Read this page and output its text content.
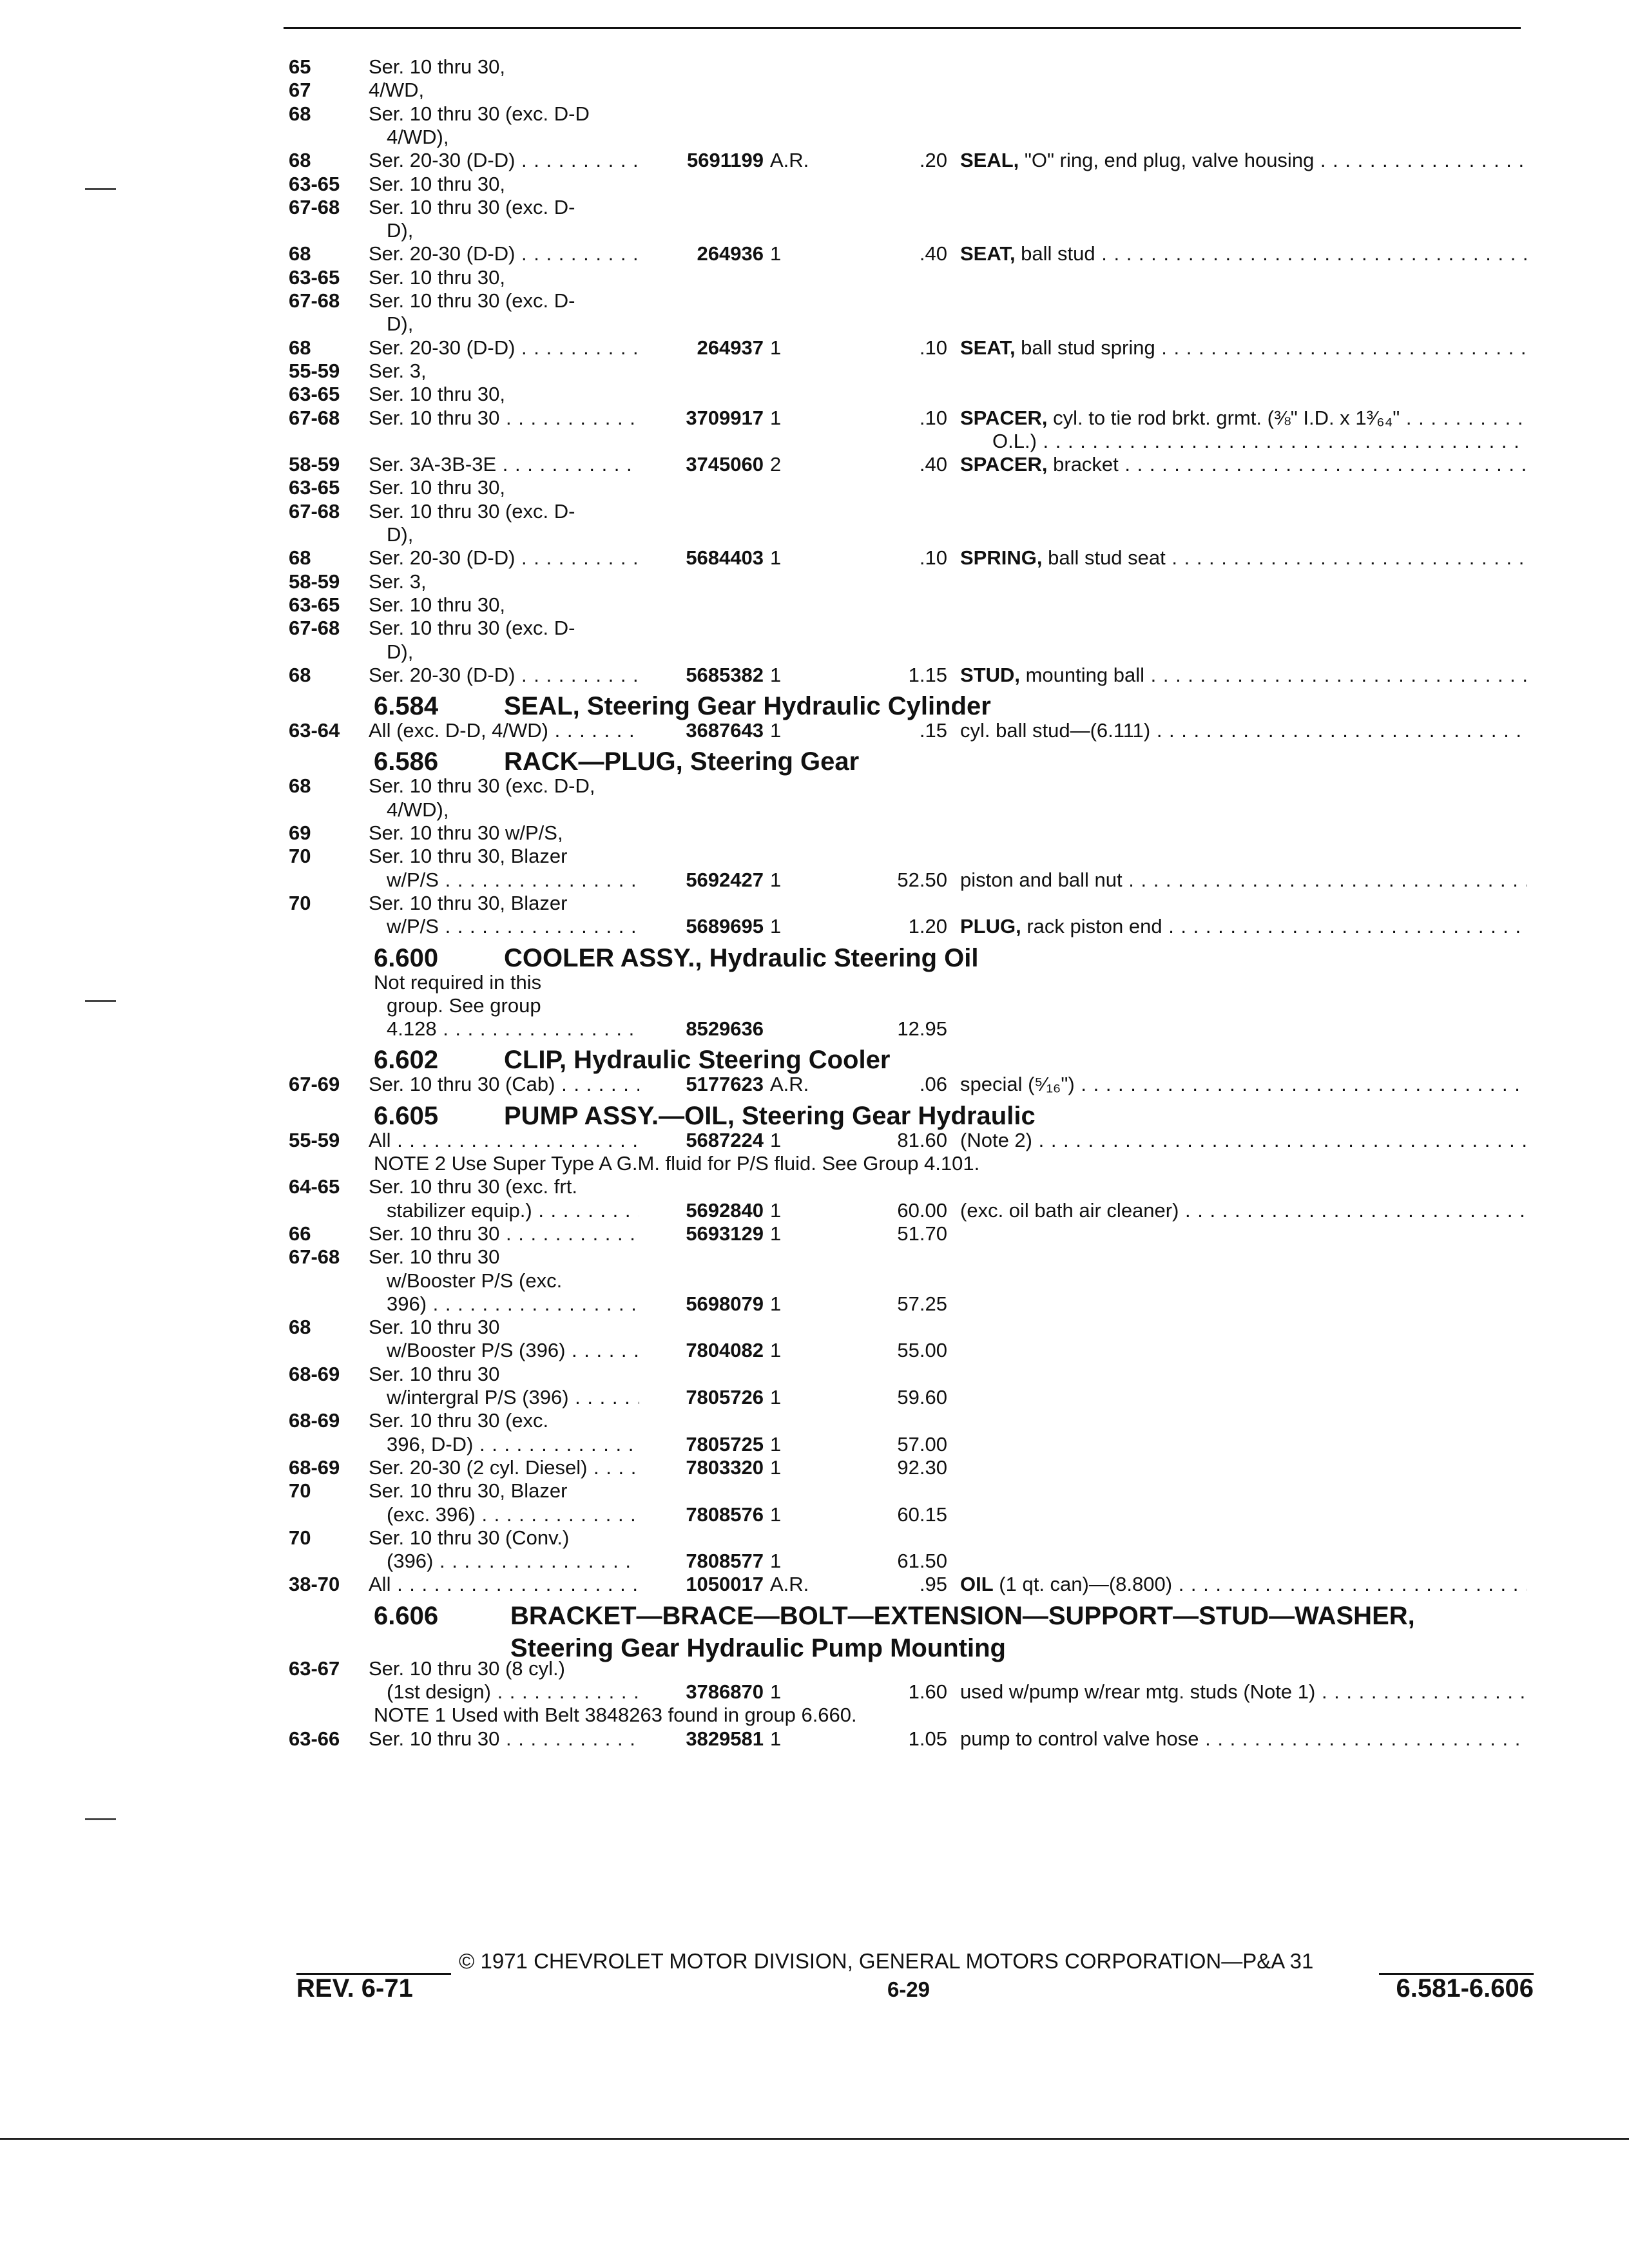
65	Ser. 10 thru 30,
67	4/WD,
68	Ser. 10 thru 30 (exc. D-D
4/WD),
68	Ser. 20-30 (D-D) . . .	5691199 A.R.	.20 SEAL, "O" ring, end plug, valve housing . . .
63-65 Ser. 10 thru 30,
67-68 Ser. 10 thru 30 (exc. D-
D),
68	Ser. 20-30 (D-D) . . .	264936 1	.40 SEAT, ball stud . . .
63-65 Ser. 10 thru 30,
67-68 Ser. 10 thru 30 (exc. D-
D),
68	Ser. 20-30 (D-D) . . .	264937 1	.10 SEAT, ball stud spring . . .
55-59 Ser. 3,
63-65 Ser. 10 thru 30,
67-68 Ser. 10 thru 30 . . .	3709917 1	.10 SPACER, cyl. to tie rod brkt. grmt. (⅜" I.D. x 1³⁄₆₄" . . .
O.L.) . . .
58-59 Ser. 3A-3B-3E . . .	3745060 2	.40 SPACER, bracket . . .
63-65 Ser. 10 thru 30,
67-68 Ser. 10 thru 30 (exc. D-
D),
68	Ser. 20-30 (D-D) . . .	5684403 1	.10 SPRING, ball stud seat . . .
58-59 Ser. 3,
63-65 Ser. 10 thru 30,
67-68 Ser. 10 thru 30 (exc. D-
D),
68	Ser. 20-30 (D-D) . . .	5685382 1	1.15 STUD, mounting ball . . .
6.584	SEAL, Steering Gear Hydraulic Cylinder
63-64 All (exc. D-D, 4/WD) . . .	3687643 1	.15 cyl. ball stud—(6.111) . . .
6.586	RACK—PLUG, Steering Gear
68	Ser. 10 thru 30 (exc. D-D,
4/WD),
69	Ser. 10 thru 30 w/P/S,
70	Ser. 10 thru 30, Blazer
w/P/S . . .	5692427 1	52.50 piston and ball nut . . .
70	Ser. 10 thru 30, Blazer
w/P/S . . .	5689695 1	1.20 PLUG, rack piston end . . .
6.600	COOLER ASSY., Hydraulic Steering Oil
Not required in this
group. See group
4.128 . . .	8529636	12.95
6.602	CLIP, Hydraulic Steering Cooler
67-69 Ser. 10 thru 30 (Cab) . . .	5177623 A.R.	.06 special (⁵⁄₁₆") . . .
6.605	PUMP ASSY.—OIL, Steering Gear Hydraulic
55-59 All . . .	5687224 1	81.60 (Note 2) . . .
NOTE 2 Use Super Type A G.M. fluid for P/S fluid. See Group 4.101.
64-65 Ser. 10 thru 30 (exc. frt.
stabilizer equip.) . . .	5692840 1	60.00 (exc. oil bath air cleaner) . . .
66	Ser. 10 thru 30 . . .	5693129 1	51.70
67-68 Ser. 10 thru 30
w/Booster P/S (exc.
396) . . .	5698079 1	57.25
68	Ser. 10 thru 30
w/Booster P/S (396) . . .	7804082 1	55.00
68-69 Ser. 10 thru 30
w/intergral P/S (396) . . .	7805726 1	59.60
68-69 Ser. 10 thru 30 (exc.
396, D-D) . . .	7805725 1	57.00
68-69 Ser. 20-30 (2 cyl. Diesel) . . .	7803320 1	92.30
70	Ser. 10 thru 30, Blazer
(exc. 396) . . .	7808576 1	60.15
70	Ser. 10 thru 30 (Conv.)
(396) . . .	7808577 1	61.50
38-70 All . . .	1050017 A.R.	.95 OIL (1 qt. can)—(8.800) . . .
6.606	BRACKET—BRACE—BOLT—EXTENSION—SUPPORT—STUD—WASHER,
Steering Gear Hydraulic Pump Mounting
63-67 Ser. 10 thru 30 (8 cyl.)
(1st design) . . .	3786870 1	1.60 used w/pump w/rear mtg. studs (Note 1) . . .
NOTE 1 Used with Belt 3848263 found in group 6.660.
63-66 Ser. 10 thru 30 . . .	3829581 1	1.05 pump to control valve hose . . .
© 1971 CHEVROLET MOTOR DIVISION, GENERAL MOTORS CORPORATION—P&A 31
REV. 6-71	6-29	6.581-6.606
